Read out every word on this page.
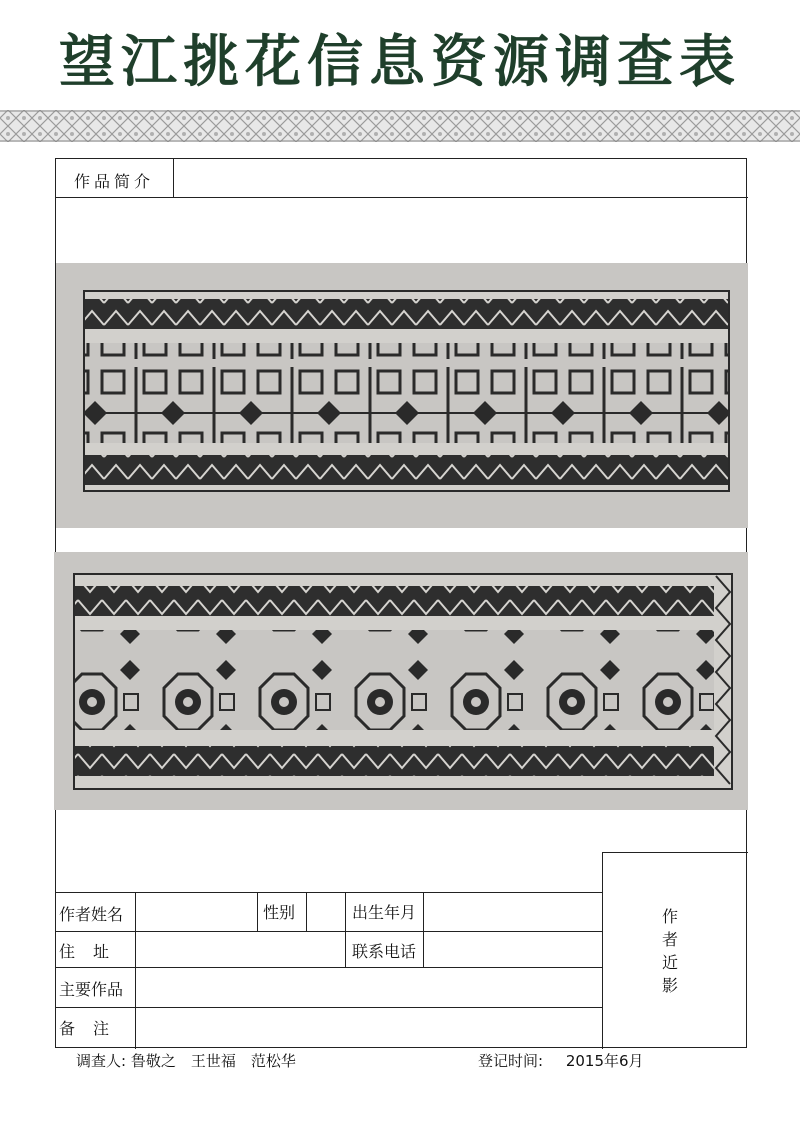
望江挑花信息资源调查表
作品简介
作者姓名	性别	出生年月
住　址	联系电话
主要作品
备　注
作
者
近
影
调查人: 鲁敬之　王世福　范松华	登记时间: 2015年6月
